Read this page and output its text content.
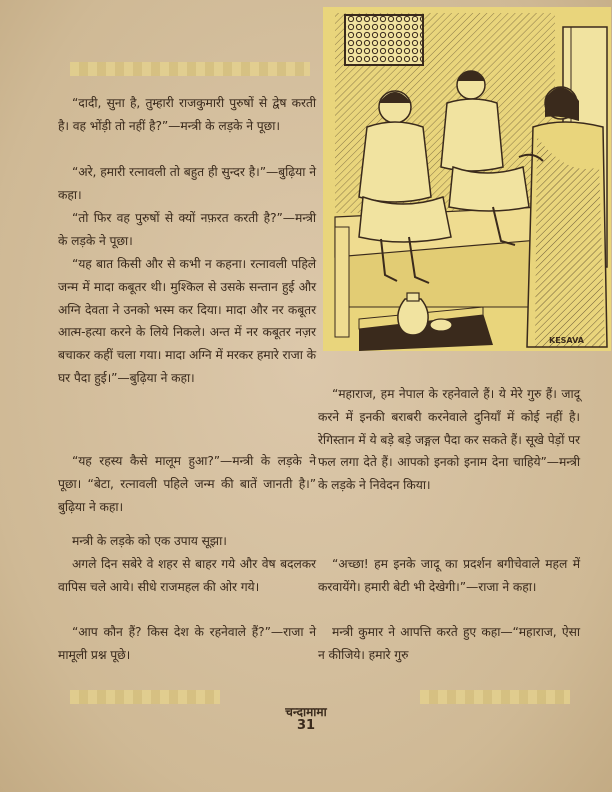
“दादी, सुना है, तुम्हारी राजकुमारी पुरुषों से द्वेष करती है। वह भोंड़ी तो नहीं है?”—मन्त्री के लड़के ने पूछा।

“अरे, हमारी रत्नावली तो बहुत ही सुन्दर है।”—बुढ़िया ने कहा।

“तो फिर वह पुरुषों से क्यों नफ़रत करती है?”—मन्त्री के लड़के ने पूछा।

“यह बात किसी और से कभी न कहना। रत्नावली पहिले जन्म में मादा कबूतर थी। मुश्किल से उसके सन्तान हुई और अग्नि देवता ने उनको भस्म कर दिया। मादा और नर कबूतर आत्म-हत्या करने के लिये निकले। अन्त में नर कबूतर नज़र बचाकर कहीं चला गया। मादा अग्नि में मरकर हमारे राजा के घर पैदा हुई।”—बुढ़िया ने कहा।

“यह रहस्य कैसे मालूम हुआ?”—मन्त्री के लड़के ने पूछा। “बेटा, रत्नावली पहिले जन्म की बातें जानती है।” बुढ़िया ने कहा।

मन्त्री के लड़के को एक उपाय सूझा।

अगले दिन सबेरे वे शहर से बाहर गये और वेष बदलकर वापिस चले आये। सीधे राजमहल की ओर गये।

“आप कौन हैं? किस देश के रहनेवाले हैं?”—राजा ने मामूली प्रश्न पूछे।

“महाराज, हम नेपाल के रहनेवाले हैं। ये मेरे गुरु हैं। जादू करने में इनकी बराबरी करनेवाले दुनियाँ में कोई नहीं है। रेगिस्तान में ये बड़े बड़े जङ्गल पैदा कर सकते हैं। सूखे पेड़ों पर फल लगा देते हैं। आपको इनको इनाम देना चाहिये”—मन्त्री के लड़के ने निवेदन किया।

“अच्छा! हम इनके जादू का प्रदर्शन बगीचेवाले महल में करवायेंगे। हमारी बेटी भी देखेगी।”—राजा ने कहा।

मन्त्री कुमार ने आपत्ति करते हुए कहा—“महाराज, ऐसा न कीजिये। हमारे गुरु

KESAVA
चन्दामामा
31
